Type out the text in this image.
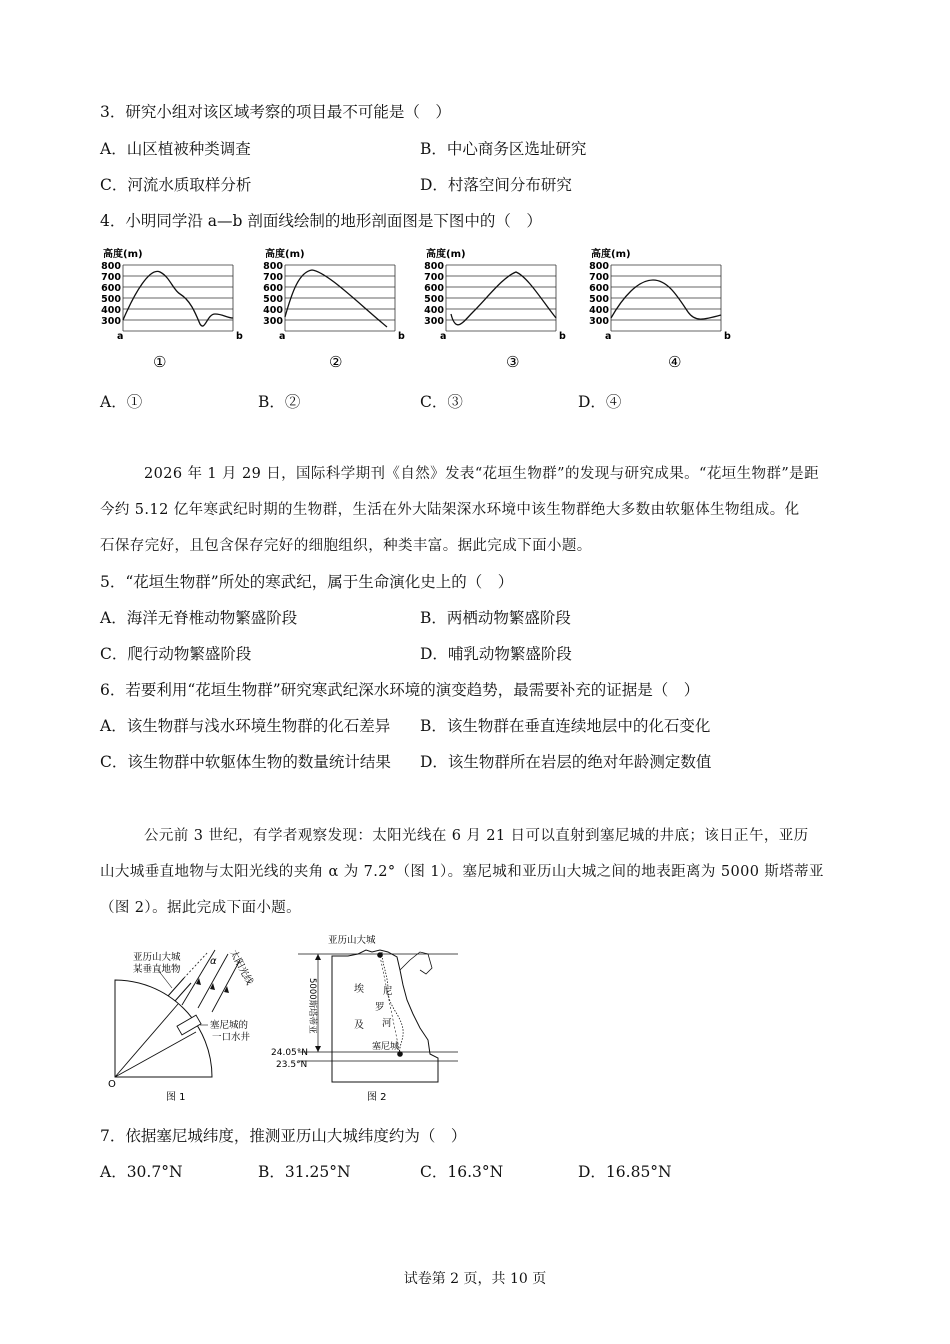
3．研究小组对该区域考察的项目最不可能是（　）
A．山区植被种类调查	B．中心商务区选址研究
C．河流水质取样分析	D．村落空间分布研究
4．小明同学沿 a—b 剖面线绘制的地形剖面图是下图中的（　）
高度(m)
800
700
600
500
400
300
a	b
①
高度(m)
800
700
600
500
400
300
a	b
②
高度(m)
800
700
600
500
400
300
a	b
③
高度(m)
800
700
600
500
400
300
a	b
④
A．①	B．②	C．③	D．④
2026 年 1 月 29 日，国际科学期刊《自然》发表“花垣生物群”的发现与研究成果。“花垣生物群”是距
今约 5.12 亿年寒武纪时期的生物群，生活在外大陆架深水环境中该生物群绝大多数由软躯体生物组成。化
石保存完好，且包含保存完好的细胞组织，种类丰富。据此完成下面小题。
5．“花垣生物群”所处的寒武纪，属于生命演化史上的（　）
A．海洋无脊椎动物繁盛阶段	B．两栖动物繁盛阶段
C．爬行动物繁盛阶段	D．哺乳动物繁盛阶段
6．若要利用“花垣生物群”研究寒武纪深水环境的演变趋势，最需要补充的证据是（　）
A．该生物群与浅水环境生物群的化石差异 B．该生物群在垂直连续地层中的化石变化
C．该生物群中软躯体生物的数量统计结果 D．该生物群所在岩层的绝对年龄测定数值
公元前 3 世纪，有学者观察发现：太阳光线在 6 月 21 日可以直射到塞尼城的井底；该日正午，亚历
山大城垂直地物与太阳光线的夹角 α 为 7.2°（图 1）。塞尼城和亚历山大城之间的地表距离为 5000 斯塔蒂亚
（图 2）。据此完成下面小题。
亚历山大城
某垂直地物
α 太阳光线
塞尼城的
一口水井
O
图 1
5000斯塔蒂亚
亚历山大城
埃
及
尼
罗
河
塞尼城
24.05°N
23.5°N
图 2
7．依据塞尼城纬度，推测亚历山大城纬度约为（　）
A．30.7°N	B．31.25°N	C．16.3°N	D．16.85°N
试卷第 2 页，共 10 页
